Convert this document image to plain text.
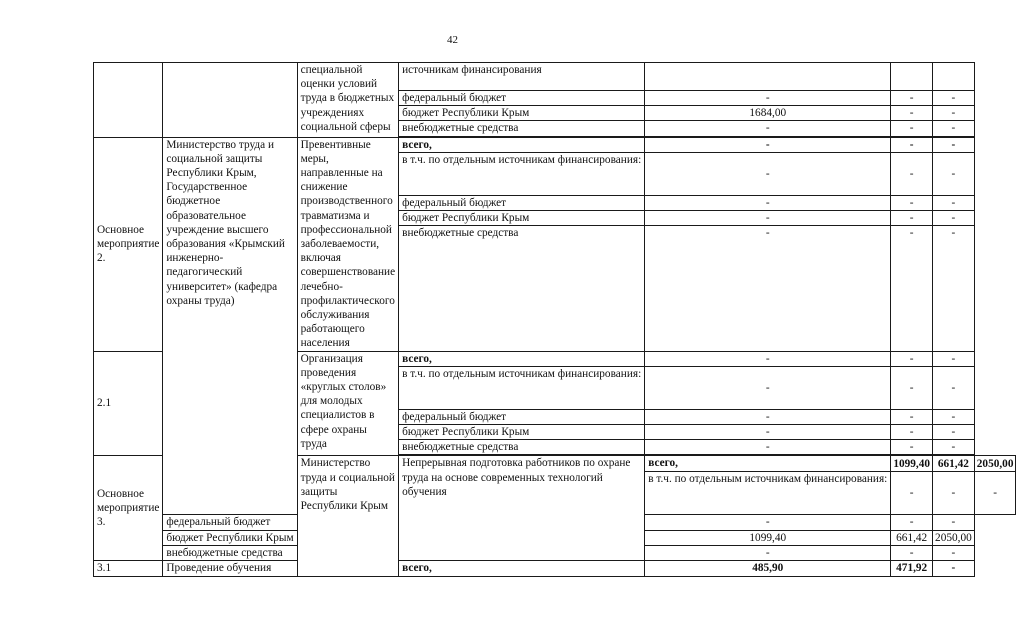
42
		специальной оценки условий труда в бюджетных учреждениях социальной сферы	источникам финансирования				
			федеральный бюджет	-	-	-	
			бюджет Республики Крым	1684,00	-	-	
			внебюджетные средства	-	-	-	

Основное мероприятие 2.	Министерство труда и социальной защиты Республики Крым, Государственное бюджетное образовательное учреждение высшего образования «Крымский инженерно- педагогический университет» (кафедра охраны труда)	Превентивные меры, направленные на снижение производственного травматизма и профессиональной заболеваемости, включая совершенствование лечебно- профилактического обслуживания работающего населения	всего,	-	-	-	
			в т.ч. по отдельным источникам финансирования:	-	-	-	
			федеральный бюджет	-	-	-	
			бюджет Республики Крым	-	-	-	
			внебюджетные средства	-	-	-	

2.1		Организация проведения «круглых столов» для молодых специалистов в сфере охраны труда	всего,	-	-	-	
			в т.ч. по отдельным источникам финансирования:	-	-	-	
			федеральный бюджет	-	-	-	
			бюджет Республики Крым	-	-	-	
			внебюджетные средства	-	-	-	

Основное мероприятие 3.		Министерство труда и социальной защиты Республики Крым	Непрерывная подготовка работников по охране труда на основе современных технологий обучения	всего,	1099,40	661,42	2050,00
				в т.ч. по отдельным источникам финансирования:	-	-	-
	федеральный бюджет			-	-	-	
	бюджет Республики Крым			1099,40	661,42	2050,00	
	внебюджетные средства			-	-	-	
3.1	Проведение обучения		всего,	485,90	471,92	-	
